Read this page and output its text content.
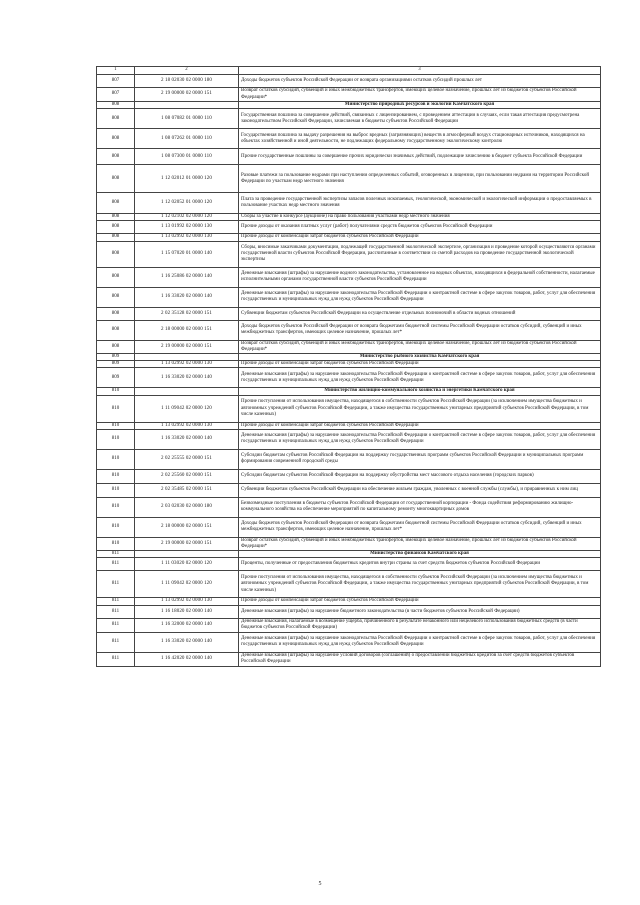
1	2	3
807	2 18 02030 02 0000 180	Доходы бюджетов субъектов Российской Федерации от возврата организациями остатков субсидий прошлых лет
807	2 19 00000 02 0000 151	Возврат остатков субсидий, субвенций и иных межбюджетных трансфертов, имеющих целевое назначение, прошлых лет из бюджетов субъектов Российской Федерации*
808		Министерство природных ресурсов и экологии Камчатского края
808	1 08 07082 01 0000 110	Государственная пошлина за совершение действий, связанных с лицензированием, с проведением аттестации в случаях, если такая аттестация предусмотрена законодательством Российской Федерации, зачисляемая в бюджеты субъектов Российской Федерации
808	1 08 07262 01 0000 110	Государственная пошлина за выдачу разрешения на выброс вредных (загрязняющих) веществ в атмосферный воздух стационарных источников, находящихся на объектах хозяйственной и иной деятельности, не подлежащих федеральному государственному экологическому контролю
808	1 08 07300 01 0000 110	Прочие государственные пошлины за совершение прочих юридически значимых действий, подлежащие зачислению в бюджет субъекта Российской Федерации
808	1 12 02012 01 0000 120	Разовые платежи за пользование недрами при наступлении определенных событий, оговоренных в лицензии, при пользовании недрами на территории Российской Федерации по участкам недр местного значения
808	1 12 02052 01 0000 120	Плата за проведение государственной экспертизы запасов полезных ископаемых, геологической, экономической и экологической информации о предоставляемых в пользование участках недр местного значения
808	1 12 02102 02 0000 120	Сборы за участие в конкурсе (аукционе) на право пользования участками недр местного значения
808	1 13 01992 02 0000 130	Прочие доходы от оказания платных услуг (работ) получателями средств бюджетов субъектов Российской Федерации
808	1 13 02992 02 0000 130	Прочие доходы от компенсации затрат бюджетов субъектов Российской Федерации
808	1 15 07020 01 0000 140	Сборы, вносимые заказчиками документации, подлежащей государственной экологической экспертизе, организация и проведение которой осуществляются органами государственной власти субъектов Российской Федерации, рассчитанные в соответствии со сметой расходов на проведение государственной экологической экспертизы
808	1 16 25086 02 0000 140	Денежные взыскания (штрафы) за нарушение водного законодательства, установленное на водных объектах, находящихся в федеральной собственности, налагаемые исполнительными органами государственной власти субъектов Российской Федерации
808	1 16 33020 02 0000 140	Денежные взыскания (штрафы) за нарушение законодательства Российской Федерации о контрактной системе в сфере закупок товаров, работ, услуг для обеспечения государственных и муниципальных нужд для нужд субъектов Российской Федерации
808	2 02 35128 02 0000 151	Субвенции бюджетам субъектов Российской Федерации на осуществление отдельных полномочий в области водных отношений
808	2 18 00000 02 0000 151	Доходы бюджетов субъектов Российской Федерации от возврата бюджетами бюджетной системы Российской Федерации остатков субсидий, субвенций и иных межбюджетных трансфертов, имеющих целевое назначение, прошлых лет*
808	2 19 00000 02 0000 151	Возврат остатков субсидий, субвенций и иных межбюджетных трансфертов, имеющих целевое назначение, прошлых лет из бюджетов субъектов Российской Федерации*
809		Министерство рыбного хозяйства Камчатского края
809	1 13 02992 02 0000 130	Прочие доходы от компенсации затрат бюджетов субъектов Российской Федерации
809	1 16 33020 02 0000 140	Денежные взыскания (штрафы) за нарушение законодательства Российской Федерации о контрактной системе в сфере закупок товаров, работ, услуг для обеспечения государственных и муниципальных нужд для нужд субъектов Российской Федерации
810		Министерство жилищно-коммунального хозяйства и энергетики Камчатского края
810	1 11 09042 02 0000 120	Прочие поступления от использования имущества, находящегося в собственности субъектов Российской Федерации (за исключением имущества бюджетных и автономных учреждений субъектов Российской Федерации, а также имущества государственных унитарных предприятий субъектов Российской Федерации, в том числе казенных)
810	1 13 02992 02 0000 130	Прочие доходы от компенсации затрат бюджетов субъектов Российской Федерации
810	1 16 33020 02 0000 140	Денежные взыскания (штрафы) за нарушение законодательства Российской Федерации о контрактной системе в сфере закупок товаров, работ, услуг для обеспечения государственных и муниципальных нужд для нужд субъектов Российской Федерации
810	2 02 25555 02 0000 151	Субсидии бюджетам субъектов Российской Федерации на поддержку государственных программ субъектов Российской Федерации и муниципальных программ формирования современной городской среды
810	2 02 25560 02 0000 151	Субсидии бюджетам субъектов Российской Федерации на поддержку обустройства мест массового отдыха населения (городских парков)
810	2 02 35485 02 0000 151	Субвенции бюджетам субъектов Российской Федерации на обеспечение жильем граждан, уволенных с военной службы (службы), и приравненных к ним лиц
810	2 03 02030 02 0000 180	Безвозмездные поступления в бюджеты субъектов Российской Федерации от государственной корпорации - Фонда содействия реформированию жилищно-коммунального хозяйства на обеспечение мероприятий по капитальному ремонту многоквартирных домов
810	2 18 00000 02 0000 151	Доходы бюджетов субъектов Российской Федерации от возврата бюджетами бюджетной системы Российской Федерации остатков субсидий, субвенций и иных межбюджетных трансфертов, имеющих целевое назначение, прошлых лет*
810	2 19 00000 02 0000 151	Возврат остатков субсидий, субвенций и иных межбюджетных трансфертов, имеющих целевое назначение, прошлых лет из бюджетов субъектов Российской Федерации*
811		Министерство финансов Камчатского края
811	1 11 03020 02 0000 120	Проценты, полученные от предоставления бюджетных кредитов внутри страны за счет средств бюджетов субъектов Российской Федерации
811	1 11 09042 02 0000 120	Прочие поступления от использования имущества, находящегося в собственности субъектов Российской Федерации (за исключением имущества бюджетных и автономных учреждений субъектов Российской Федерации, а также имущества государственных унитарных предприятий субъектов Российской Федерации, в том числе казенных)
811	1 13 02992 02 0000 130	Прочие доходы от компенсации затрат бюджетов субъектов Российской Федерации
811	1 16 18020 02 0000 140	Денежные взыскания (штрафы) за нарушение бюджетного законодательства (в части бюджетов субъектов Российской Федерации)
811	1 16 32000 02 0000 140	Денежные взыскания, налагаемые в возмещение ущерба, причиненного в результате незаконного или нецелевого использования бюджетных средств (в части бюджетов субъектов Российской Федерации)
811	1 16 33020 02 0000 140	Денежные взыскания (штрафы) за нарушение законодательства Российской Федерации о контрактной системе в сфере закупок товаров, работ, услуг для обеспечения государственных и муниципальных нужд для нужд субъектов Российской Федерации
811	1 16 42020 02 0000 140	Денежные взыскания (штрафы) за нарушение условий договоров (соглашений) о предоставлении бюджетных кредитов за счет средств бюджетов субъектов Российской Федерации
5
